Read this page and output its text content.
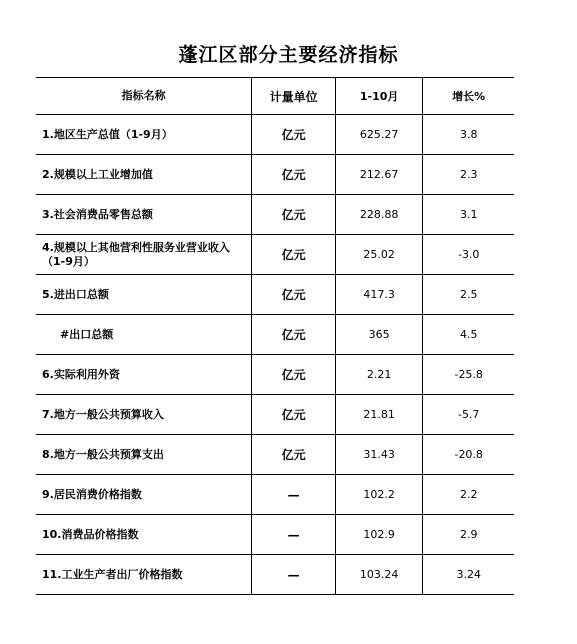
蓬江区部分主要经济指标
指标名称	计量单位	1-10月	增长%
1.地区生产总值（1-9月）	亿元	625.27	3.8
2.规模以上工业增加值	亿元	212.67	2.3
3.社会消费品零售总额	亿元	228.88	3.1
4.规模以上其他营利性服务业营业收入（1-9月）	亿元	25.02	-3.0
5.进出口总额	亿元	417.3	2.5
#出口总额	亿元	365	4.5
6.实际利用外资	亿元	2.21	-25.8
7.地方一般公共预算收入	亿元	21.81	-5.7
8.地方一般公共预算支出	亿元	31.43	-20.8
9.居民消费价格指数	—	102.2	2.2
10.消费品价格指数	—	102.9	2.9
11.工业生产者出厂价格指数	—	103.24	3.24
